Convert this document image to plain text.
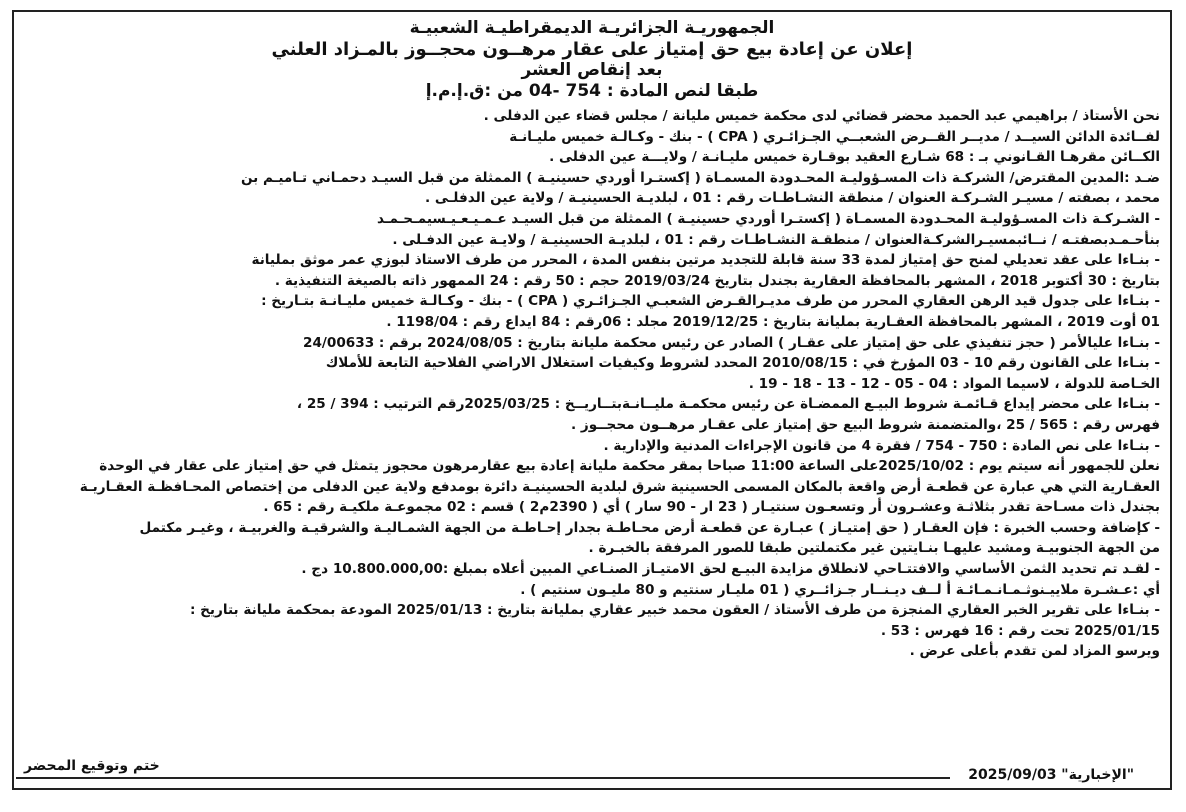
الجمهوريـة الجزائريـة الديمقراطيـة الشعبيـة
إعلان عن إعادة بيع حق إمتياز على عقار مرهــون محجــوز بالمـزاد العلني
بعد إنقاص العشر
طبقا لنص المادة : 754 -04 من :ق.إ.م.إ
نحن الأستاذ / براهيمي عبد الحميد محضر قضائي لدى محكمة خميس مليانة / مجلس قضاء عين الدفلى .
لفــائدة الدائن السيــد / مديــر القــرض الشعبــي الجـزائـري ( CPA ) - بنك - وكـالـة خميس مليـانـة
الكــائن مقرهـا القـانوني بـ : 68 شـارع العقيد بوقـارة خميس مليـانـة / ولايـــة عين الدفلى .
ضـد :المدين المقترض/ الشركـة ذات المسـؤوليـة المحـدودة المسمـاة ( إكستـرا أوردي حسينيـة ) الممثلة من قبل السيـد دحمـاني تـاميـم بن
محمد ، بصفته / مسيـر الشـركـة العنوان / منطقة النشـاطـات رقم : 01 ، لبلديـة الحسينيـة / ولاية عين الدفلـى .
- الشـركـة ذات المسـؤوليـة المحـدودة المسمـاة ( إكستـرا أوردي حسينيـة ) الممثلة من قبل السيـد عـمـيـعـيـسيمـحـمـد
بنأحـمـدبصفتـه / نــائبمسيـرالشركـةالعنوان / منطقـة النشـاطـات رقم : 01 ، لبلديـة الحسينيـة / ولايـة عين الدفـلى .
- بنـاءا على عقد تعديلي لمنح حق إمتياز لمدة 33 سنة قابلة للتجديد مرتين بنفس المدة ، المحرر من طرف الاستاذ لبوزي عمر موثق بمليانة
بتاريخ : 30 أكتوبر 2018 ، المشهر بالمحافظة العقارية بجندل بتاريخ 2019/03/24 حجم : 50 رقم : 24 الممهور ذاته بالصيغة التنفيذية .
- بنـاءا على جدول قيد الرهن العقاري المحرر من طرف مديـرالقـرض الشعبـي الجـزائـري ( CPA ) - بنك - وكـالـة خميس مليـانـة بتـاريخ :
01 أوت 2019 ، المشهر بالمحافظة العقـارية بمليانة بتاريخ : 2019/12/25 مجلد : 06رقم : 84 ايداع رقم : 1198/04 .
- بنـاءا عليالأمر ( حجز تنفيذي على حق إمتياز على عقـار ) الصادر عن رئيس محكمة مليانة بتاريخ : 2024/08/05 برقم : 24/00633
- بنـاءا على القانون رقم 10 - 03 المؤرخ في : 2010/08/15 المحدد لشروط وكيفيات استغلال الاراضي الفلاحية التابعة للأملاك
الخـاصة للدولة ، لاسيما المواد : 04 - 05 - 12 - 13 - 18 - 19 .
- بنـاءا على محضر إيداع قـائمـة شروط البيـع الممضـاة عن رئيس محكمـة مليــانـةبتــاريــخ : 2025/03/25رقم الترتيب : 394 / 25 ،
فهرس رقم : 565 / 25 ،والمتضمنة شروط البيع حق إمتياز على عقـار مرهــون محجــوز .
- بنـاءا على نص المادة : 750 - 754 / فقرة 4 من قانون الإجراءات المدنية والإدارية .
نعلن للجمهور أنه سيتم يوم : 2025/10/02على الساعة 11:00 صباحا بمقر محكمة مليانة إعادة بيع عقارمرهون محجوز يتمثل في حق إمتياز على عقار في الوحدة
العقـارية التي هي عبارة عن قطعـة أرض واقعة بالمكان المسمى الحسينية شرق لبلدية الحسينيـة دائرة بومدفع ولاية عين الدفلى من إختصاص المحـافظـة العقـاريـة
بجندل ذات مسـاحة تقدر بثلاثـة وعشـرون أر وتسعـون سنتيـار ( 23 ار - 90 سار ) أي ( 2390م2 ) قسم : 02 مجموعـة ملكيـة رقم : 65 .
- كإضافة وحسب الخبرة : فإن العقـار ( حق إمتيـاز ) عبـارة عن قطعـة أرض محـاطـة بجدار إحـاطـة من الجهة الشمـاليـة والشرقيـة والغربيـة ، وغيـر مكتمل
من الجهة الجنوبيـة ومشيد عليهـا بنـايتين غير مكتملتين طبقا للصور المرفقة بالخبـرة .
- لقـد تم تحديد الثمن الأساسي والافتتـاحي لانطلاق مزايدة البيـع لحق الامتيـاز الصنـاعي المبين أعلاه بمبلغ :10.800.000,00 دج .
أي :عـشـرة ملاييـنوثـمـانـمـائـة أ لــف ديـنــار جـزائــري ( 01 مليـار سنتيم و 80 مليـون سنتيم ) .
- بنـاءا على تقرير الخبر العقاري المنجزة من طرف الأستاذ / العقون محمد خبير عقاري بمليانة بتاريخ : 2025/01/13 المودعة بمحكمة مليانة بتاريخ :
2025/01/15 تحت رقم : 16 فهرس : 53 .
ويرسو المزاد لمن تقدم بأعلى عرض .
ختم وتوقيع المحضر
"الإخبارية" 2025/09/03
